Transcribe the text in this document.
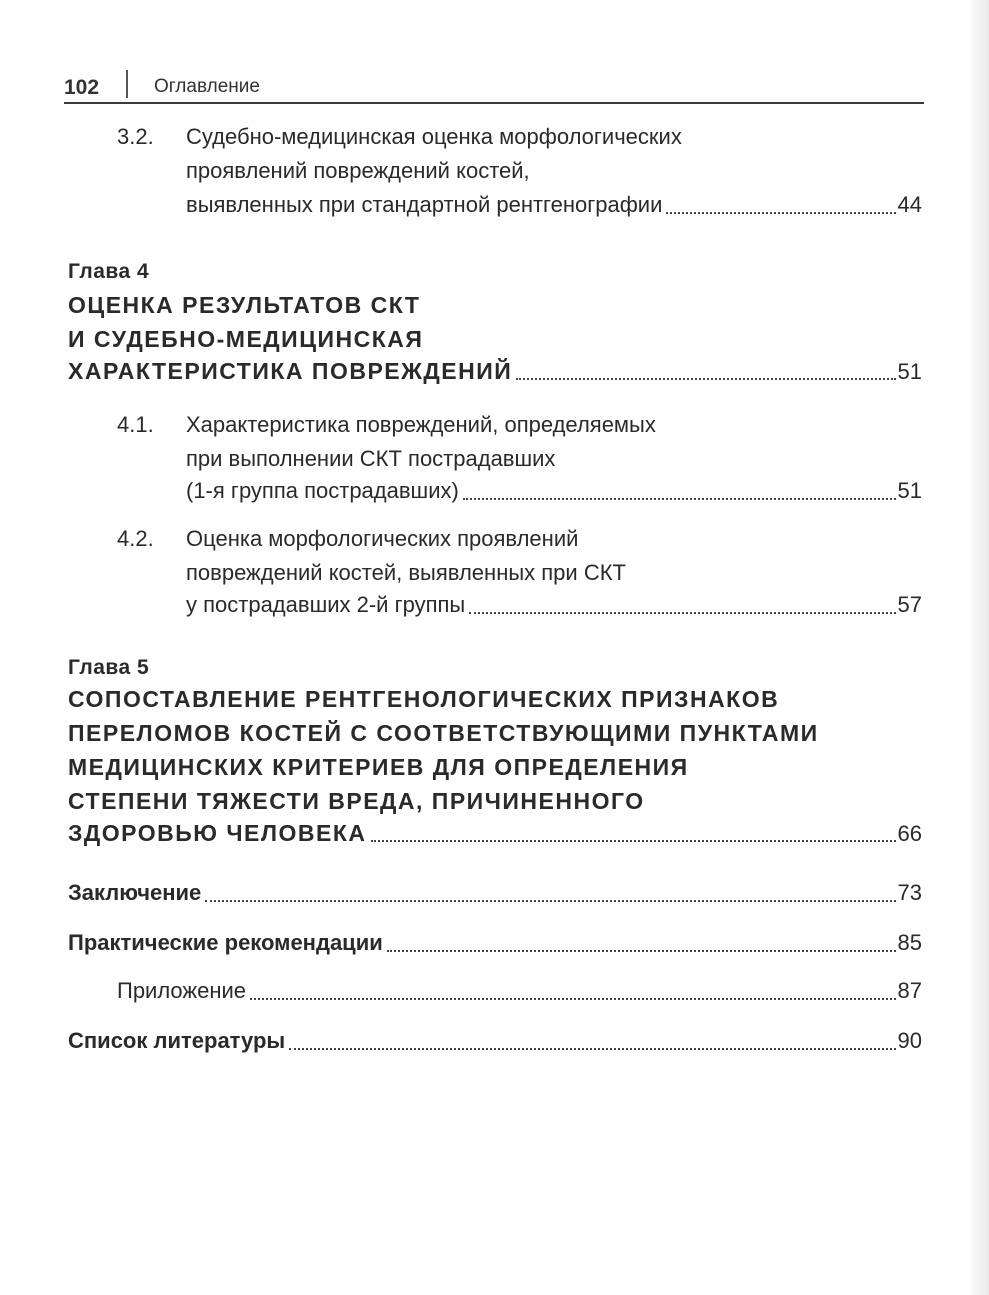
102	Оглавление
3.2. Судебно-медицинская оценка морфологических
проявлений повреждений костей,
выявленных при стандартной рентгенографии	44
Глава 4
ОЦЕНКА РЕЗУЛЬТАТОВ СКТ
И СУДЕБНО-МЕДИЦИНСКАЯ
ХАРАКТЕРИСТИКА ПОВРЕЖДЕНИЙ	51
4.1. Характеристика повреждений, определяемых
при выполнении СКТ пострадавших
(1-я группа пострадавших)	51
4.2. Оценка морфологических проявлений
повреждений костей, выявленных при СКТ
у пострадавших 2-й группы	57
Глава 5
СОПОСТАВЛЕНИЕ РЕНТГЕНОЛОГИЧЕСКИХ ПРИЗНАКОВ
ПЕРЕЛОМОВ КОСТЕЙ С СООТВЕТСТВУЮЩИМИ ПУНКТАМИ
МЕДИЦИНСКИХ КРИТЕРИЕВ ДЛЯ ОПРЕДЕЛЕНИЯ
СТЕПЕНИ ТЯЖЕСТИ ВРЕДА, ПРИЧИНЕННОГО
ЗДОРОВЬЮ ЧЕЛОВЕКА	66
Заключение	73
Практические рекомендации	85
Приложение	87
Список литературы	90
